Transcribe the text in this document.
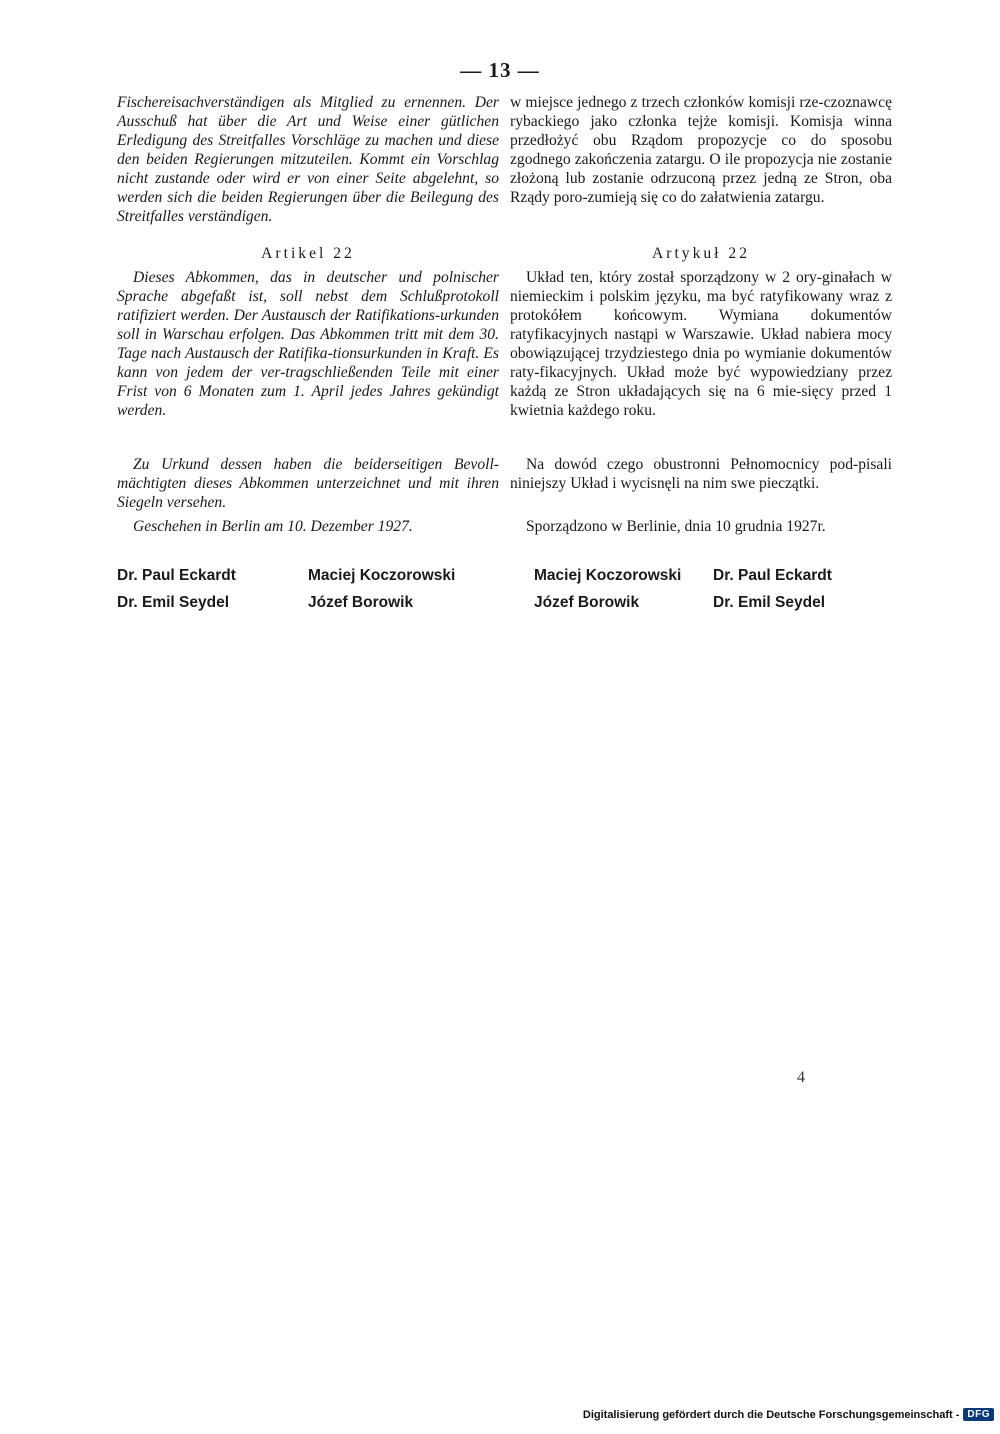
— 13 —

Fischereisachverständigen als Mitglied zu ernennen. Der Ausschuß hat über die Art und Weise einer gütlichen Erledigung des Streitfalles Vorschläge zu machen und diese den beiden Regierungen mitzuteilen. Kommt ein Vorschlag nicht zustande oder wird er von einer Seite abgelehnt, so werden sich die beiden Regierungen über die Beilegung des Streitfalles verständigen.

Artikel 22

Dieses Abkommen, das in deutscher und polnischer Sprache abgefaßt ist, soll nebst dem Schlußprotokoll ratifiziert werden. Der Austausch der Ratifikations-urkunden soll in Warschau erfolgen. Das Abkommen tritt mit dem 30. Tage nach Austausch der Ratifika-tionsurkunden in Kraft. Es kann von jedem der ver-tragschließenden Teile mit einer Frist von 6 Monaten zum 1. April jedes Jahres gekündigt werden.

Zu Urkund dessen haben die beiderseitigen Bevoll-mächtigten dieses Abkommen unterzeichnet und mit ihren Siegeln versehen.

Geschehen in Berlin am 10. Dezember 1927.

Dr. Paul Eckardt	Maciej Koczorowski
Dr. Emil Seydel	Józef Borowik

w miejsce jednego z trzech członków komisji rze-czoznawcę rybackiego jako członka tejże komisji. Komisja winna przedłożyć obu Rządom propozycje co do sposobu zgodnego zakończenia zatargu. O ile propozycja nie zostanie złożoną lub zostanie odrzuconą przez jedną ze Stron, oba Rządy poro-zumieją się co do załatwienia zatargu.

Artykuł 22

Układ ten, który został sporządzony w 2 ory-ginałach w niemieckim i polskim języku, ma być ratyfikowany wraz z protokółem końcowym. Wymiana dokumentów ratyfikacyjnych nastąpi w Warszawie. Układ nabiera mocy obowiązującej trzydziestego dnia po wymianie dokumentów raty-fikacyjnych. Układ może być wypowiedziany przez każdą ze Stron układających się na 6 mie-sięcy przed 1 kwietnia każdego roku.

Na dowód czego obustronni Pełnomocnicy pod-pisali niniejszy Układ i wycisnęli na nim swe pieczątki.

Sporządzono w Berlinie, dnia 10 grudnia 1927r.

Maciej Koczorowski	Dr. Paul Eckardt
Józef Borowik	Dr. Emil Seydel
4
Digitalisierung gefördert durch die Deutsche Forschungsgemeinschaft - DFG
